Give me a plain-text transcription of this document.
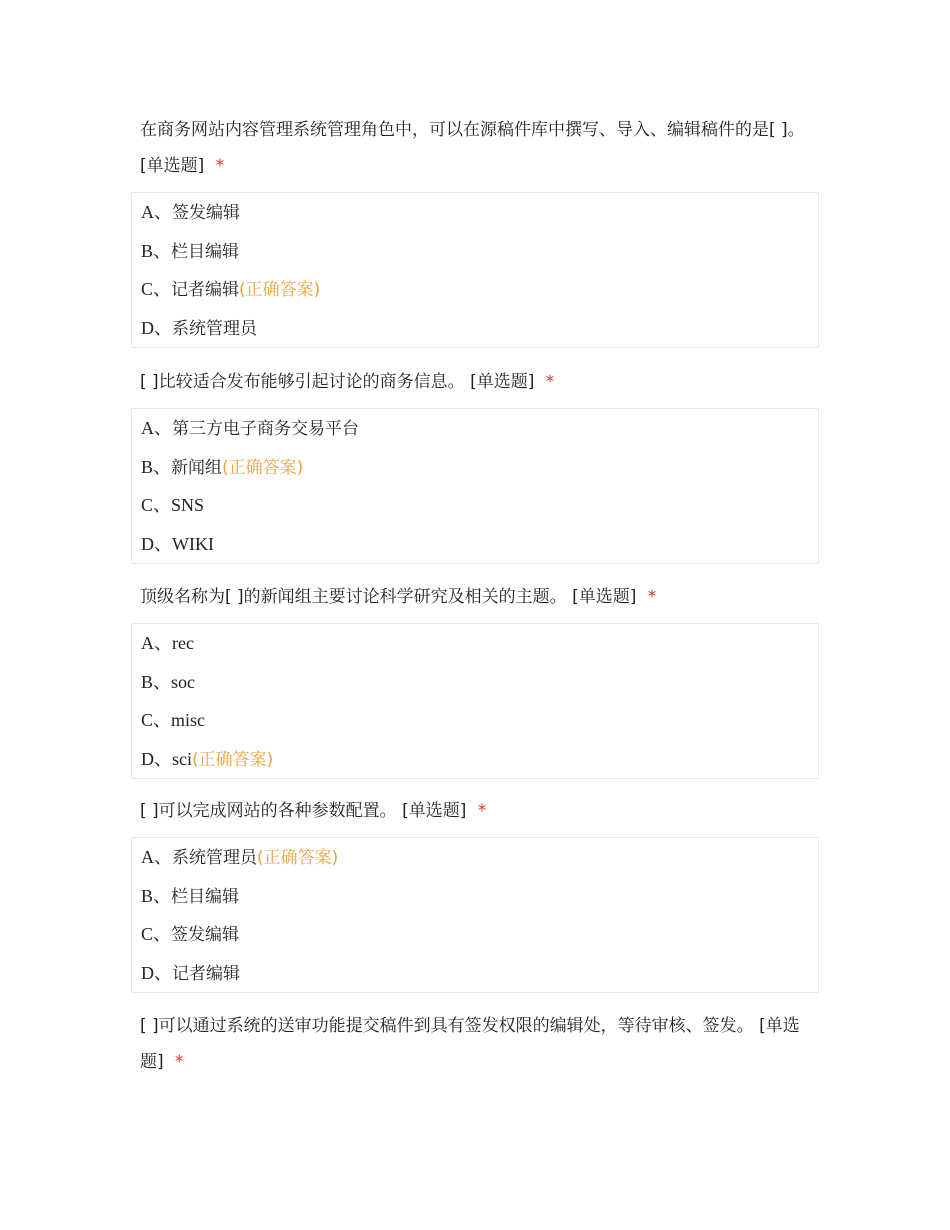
在商务网站内容管理系统管理角色中，可以在源稿件库中撰写、导入、编辑稿件的是[ ]。 [单选题] *

A、签发编辑
B、栏目编辑
C、记者编辑(正确答案)
D、系统管理员

[ ]比较适合发布能够引起讨论的商务信息。 [单选题] *

A、第三方电子商务交易平台
B、新闻组(正确答案)
C、SNS
D、WIKI

顶级名称为[ ]的新闻组主要讨论科学研究及相关的主题。 [单选题] *

A、rec
B、soc
C、misc
D、sci(正确答案)

[ ]可以完成网站的各种参数配置。 [单选题] *

A、系统管理员(正确答案)
B、栏目编辑
C、签发编辑
D、记者编辑

[ ]可以通过系统的送审功能提交稿件到具有签发权限的编辑处，等待审核、签发。 [单选题] *
